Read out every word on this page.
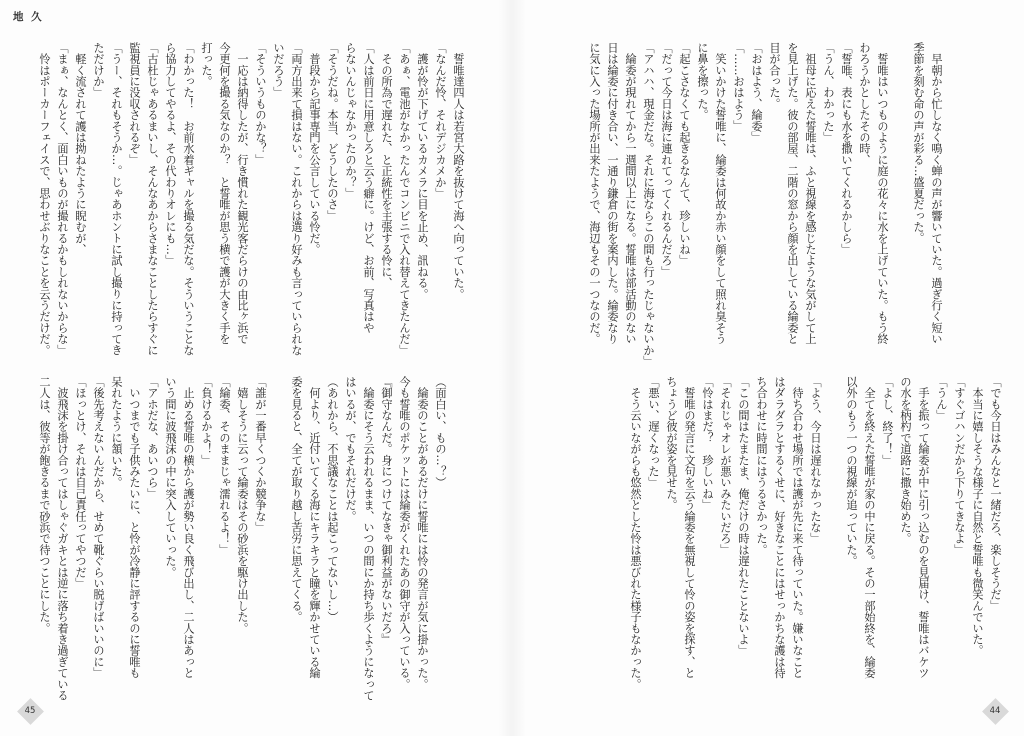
地 久
　誓唯達四人は若宮大路を抜けて海へ向っていた。
「なんだ怜、それデジカメか」
　護が怜が下げているカメラに目を止め、訊ねる。
「あぁ、電池がなかったんでコンビニで入れ替えてきたんだ」
　その所為で遅れた、と正統性を主張する怜に、
「人は前日に用意しろと云う癖に。けど、お前、写真はや
らないんじゃなかったのか？」
「そうだね。本当、どうしたのさ」
　普段から記事専門を公言している怜だ。
「両方出来て損はない。これからは選り好みも言っていられな
いだろう」
「そういうものかな？」
　一応は納得したが、行き慣れた観光客だらけの由比ヶ浜で
今更何を撮る気なのか？　と誓唯が思う横で護が大きく手を
打った。
「わかった！　お前水着ギャルを撮る気だな。そういうことな
ら協力してやるよ、その代わりオレにも…」
「古杜じゃあるまいし、そんなあからさまなことしたらすぐに
監視員に没収されるぞ」
「うー、それもそうか…。じゃあホントに試し撮りに持ってき
ただけか」
　軽く流されて護は拗ねたように睨むが、
「まぁ、なんとく、面白いものが撮れるかもしれないからな」
　怜はポーカーフェイスで、思わせぶりなことを云うだけだ。
（面白い、もの…？）
　綸委のことがあるだけに誓唯には怜の発言が気に掛かった。
今も誓唯のポケットには綸委がくれたあの御守が入っている。
『御守なんだ。身につけてなきゃ御利益がないだろ』
　綸委にそう云われるまま、いつの間にか持ち歩くようになって
はいるが、でもそれだけだ。
（あれから、不思議なことは起こってないし…）
　何より、近付いてくる海にキラキラと瞳を輝かせている綸
委を見ると、全てが取り越し苦労に思えてくる。
「誰が一番早くつくか競争な」
　嬉しそうに云って綸委はその砂浜を駆け出した。
「綸委、そのままじゃ濡れるよ！」
「負けるかよ！」
　止める誓唯の横から護が勢い良く飛び出し、二人はあっと
いう間に波飛沫の中に突入していった。
「アホだな、あいつら」
　いつまでも子供みたいに、と怜が冷静に評するのに誓唯も
呆れたように頷いた。
「後先考えないんだから、せめて靴ぐらい脱げばいいのに」
「ほっとけ、それは自己責任ってやつだ」
　波飛沫を掛け合ってはしゃぐガキとは逆に落ち着き過ぎている
二人は、彼等が飽きるまで砂浜で待つことにした。
45
　早朝から忙しなく鳴く蝉の声が響いていた。過ぎ行く短い
季節を刻む命の声が彩る…盛夏だった。
　誓唯はいつものように庭の花々に水を上げていた。もう終
わろうかとしたその時、
「誓唯、表にも水を撒いてくれるかしら」
「うん、わかった」
　祖母に応えた誓唯は、ふと視線を感じたような気がして上
を見上げた。彼の部屋、二階の窓から顔を出している綸委と
目が合った。
「おはよう、綸委」
「……おはよう」
　笑いかけた誓唯に、綸委は何故か赤い顔をして照れ臭そう
に鼻を擦った。
「起こさなくても起きるなんて、珍しいね」
「だって今日は海に連れてってくれるんだろ」
「アハハ、現金だな。それに海ならこの間も行ったじゃないか」
　綸委が現れてから一週間以上になる。誓唯は部活動のない
日は綸委に付き合い、一通り鎌倉の街を案内した。綸委なり
に気に入った場所が出来たようで、海辺もその一つなのだ。
「でも今日はみんなと一緒だろ、楽しそうだ」
　本当に嬉しそうな様子に自然と誓唯も微笑んでいた。
「すぐゴハンだから下りてきなよ」
「うん」
　手を振って綸委が中に引っ込むのを見届け、誓唯はバケツ
の水を柄杓で道路に撒き始めた。
「よし、終了！」
　全てを終えた誓唯が家の中に戻る。その一部始終を、綸委
以外のもう一つの視線が追っていた。
「よう、今日は遅れなかったな」
　待ち合わせ場所では護が先に来て待っていた。嫌いなこと
はダラダラとするくせに、好きなことにはせっかちな護は待
ち合わせに時間にはうるさかった。
「この間はたまたま、俺だけの時は遅れたことないよ」
「それじゃオレが悪いみたいだろ」
「怜はまだ？　珍しいね」
　誓唯の発言に文句を云う綸委を無視して怜の姿を探す、と
ちょうど彼が姿を見せた。
「悪い、遅くなった」
　そう云いながらも悠然とした怜は悪びれた様子もなかった。
44
